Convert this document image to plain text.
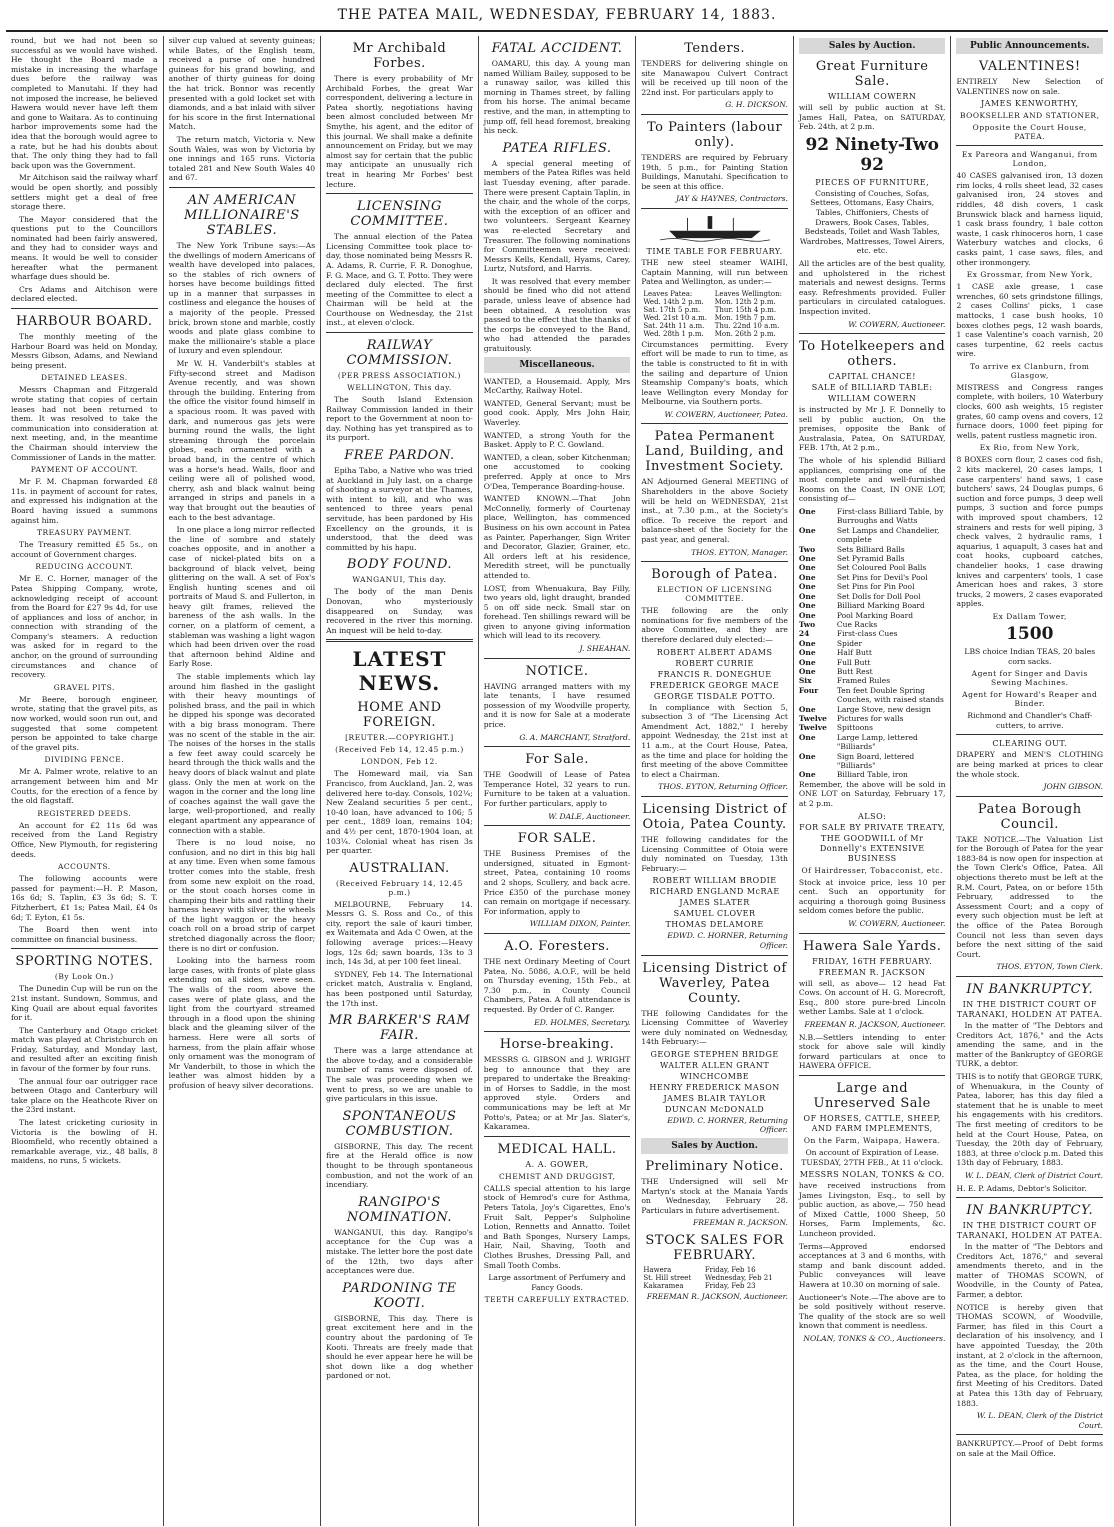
THE PATEA MAIL, WEDNESDAY, FEBRUARY 14, 1883.

round, but we had not been so successful as we would have wished. He thought the Board made a mistake in increasing the wharfage dues before the railway was completed to Manutahi. If they had not imposed the increase, he believed Hawera would never have left them and gone to Waitara. As to continuing harbor improvements some had the idea that the borough would agree to a rate, but he had his doubts about that. The only thing they had to fall back upon was the Government.

Mr Aitchison said the railway wharf would be open shortly, and possibly settlers might get a deal of free storage there.

The Mayor considered that the questions put to the Councillors nominated had been fairly answered, and they had to consider ways and means. It would be well to consider hereafter what the permanent wharfage dues should be.

Crs Adams and Aitchison were declared elected.

HARBOUR BOARD.

The monthly meeting of the Harbour Board was held on Monday, Messrs Gibson, Adams, and Newland being present.

DETAINED LEASES.

Messrs Chapman and Fitzgerald wrote stating that copies of certain leases had not been returned to them. It was resolved to take the communication into consideration at next meeting, and, in the meantime the Chairman should interview the Commissioner of Lands in the matter.

PAYMENT OF ACCOUNT.

Mr F. M. Chapman forwarded £8 11s. in payment of account for rates, and expressed his indignation at the Board having issued a summons against him.

TREASURY PAYMENT.

The Treasury remitted £5 5s., on account of Government charges.

REDUCING ACCOUNT.

Mr E. C. Horner, manager of the Patea Shipping Company, wrote, acknowledging receipt of account from the Board for £27 9s 4d, for use of appliances and loss of anchor, in connection with stranding of the Company's steamers. A reduction was asked for in regard to the anchor, on the ground of surrounding circumstances and chance of recovery.

GRAVEL PITS.

Mr Beere, borough engineer, wrote, stating that the gravel pits, as now worked, would soon run out, and suggested that some competent person be appointed to take charge of the gravel pits.

DIVIDING FENCE.

Mr A. Palmer wrote, relative to an arrangement between him and Mr Coutts, for the erection of a fence by the old flagstaff.

REGISTERED DEEDS.

An account for £2 11s 6d was received from the Land Registry Office, New Plymouth, for registering deeds.

ACCOUNTS.

The following accounts were passed for payment:—H. P. Mason, 16s 6d; S. Taplin, £3 3s 6d; S. T. Fitzherbert, £1 1s; Patea Mail, £4 0s 6d; T. Eyton, £1 5s.

The Board then went into committee on financial business.

SPORTING NOTES.
(By Look On.)

The Dunedin Cup will be run on the 21st instant. Sundown, Sommus, and King Quail are about equal favorites for it.

The Canterbury and Otago cricket match was played at Christchurch on Friday, Saturday, and Monday last, and resulted after an exciting finish in favour of the former by four runs.

The annual four oar outrigger race between Otago and Canterbury will take place on the Heathcote River on the 23rd instant.

The latest cricketing curiosity in Victoria is the bowling of H. Bloomfield, who recently obtained a remarkable average, viz., 48 balls, 8 maidens, no runs, 5 wickets.

silver cup valued at seventy guineas; while Bates, of the English team, received a purse of one hundred guineas for his grand bowling, and another of thirty guineas for doing the hat trick. Bonnor was recently presented with a gold locket set with diamonds, and a bat inlaid with silver for his score in the first International Match.

The return match, Victoria v. New South Wales, was won by Victoria by one innings and 165 runs. Victoria totaled 281 and New South Wales 40 and 67.

AN AMERICAN MILLIONAIRE'S STABLES.

The New York Tribune says:—As the dwellings of modern Americans of wealth have developed into palaces, so the stables of rich owners of horses have become buildings fitted up in a manner that surpasses in costliness and elegance the houses of a majority of the people. Pressed brick, brown stone and marble, costly woods and plate glass combine to make the millionaire's stable a place of luxury and even splendour.

Mr W. H. Vanderbilt's stables at Fifty-second street and Madison Avenue recently, and was shown through the building. Entering from the office the visitor found himself in a spacious room. It was paved with dark, and numerous gas jets were burning round the walls, the light streaming through the porcelain globes, each ornamented with a broad band, in the centre of which was a horse's head. Walls, floor and ceiling were all of polished wood, cherry, ash and black walnut being arranged in strips and panels in a way that brought out the beauties of each to the best advantage.

In one place a long mirror reflected the line of sombre and stately coaches opposite, and in another a case of nickel-plated bits on a background of black velvet, being glittering on the wall. A set of Fox's English hunting scenes and oil portraits of Maud S. and Fullerton, in heavy gilt frames, relieved the bareness of the ash walls. In the corner, on a platform of cement, a stableman was washing a light wagon which had been driven over the road that afternoon behind Aldine and Early Rose.

The stable implements which lay around him flashed in the gaslight with their heavy mountings of polished brass, and the pail in which he dipped his sponge was decorated with a big brass monogram. There was no scent of the stable in the air. The noises of the horses in the stalls a few feet away could scarcely be heard through the thick walls and the heavy doors of black walnut and plate glass. Only the men at work on the wagon in the corner and the long line of coaches against the wall gave the large, well-proportioned, and really elegant apartment any appearance of connection with a stable.

There is no loud noise, no confusion, and no dirt in this big hall at any time. Even when some famous trotter comes into the stable, fresh from some new exploit on the road, or the stout coach horses come in champing their bits and rattling their harness heavy with silver, the wheels of the light waggon or the heavy coach roll on a broad strip of carpet stretched diagonally across the floor; there is no dirt or confusion.

Looking into the harness room large cases, with fronts of plate glass extending on all sides, were seen. The walls of the room above the cases were of plate glass, and the light from the courtyard streamed through in a flood upon the shining black and the gleaming silver of the harness. Here were all sorts of harness, from the plain affair whose only ornament was the monogram of Mr Vanderbilt, to those in which the leather was almost hidden by a profusion of heavy silver decorations.

Mr Archibald Forbes.

There is every probability of Mr Archibald Forbes, the great War correspondent, delivering a lecture in Patea shortly, negotiations having been almost concluded between Mr Smythe, his agent, and the editor of this journal. We shall make a definite announcement on Friday, but we may almost say for certain that the public may anticipate an unusually rich treat in hearing Mr Forbes' best lecture.

LICENSING COMMITTEE.

The annual election of the Patea Licensing Committee took place to-day, those nominated being Messrs R. A. Adams, R. Currie, F. R. Donoghue, F. G. Mace, and G. T. Potto. They were declared duly elected. The first meeting of the Committee to elect a Chairman will be held at the Courthouse on Wednesday, the 21st inst., at eleven o'clock.

RAILWAY COMMISSION.
(PER PRESS ASSOCIATION.)
WELLINGTON, This day.

The South Island Extension Railway Commission landed in their report to the Government at noon to-day. Nothing has yet transpired as to its purport.

FREE PARDON.

Epiha Tabo, a Native who was tried at Auckland in July last, on a charge of shooting a surveyor at the Thames, with intent to kill, and who was sentenced to three years penal servitude, has been pardoned by His Excellency on the grounds, it is understood, that the deed was committed by his hapu.

BODY FOUND.
WANGANUI, This day.

The body of the man Denis Donovan, who mysteriously disappeared on Sunday, was recovered in the river this morning. An inquest will be held to-day.

LATEST NEWS.
HOME AND FOREIGN.
[REUTER.—COPYRIGHT.]
(Received Feb 14, 12.45 p.m.)
LONDON, Feb 12.

The Homeward mail, via San Francisco, from Auckland, Jan. 2, was delivered here to-day. Consols, 102¼; New Zealand securities 5 per cent., 10-40 loan, have advanced to 106; 5 per cent., 1889 loan, remains 104; and 4½ per cent, 1870-1904 loan, at 103¼. Colonial wheat has risen 3s per quarter.

AUSTRALIAN.
(Received February 14, 12.45 p.m.)

MELBOURNE, February 14. Messrs G. S. Ross and Co., of this city, report the sale of kauri timber, ex Waitemata and Ada C Owen, at the following average prices:—Heavy logs, 12s 6d; sawn boards, 13s to 3 inch, 14s 3d, at per 100 feet lineal.

SYDNEY, Feb 14. The International cricket match, Australia v. England, has been postponed until Saturday, the 17th inst.

MR BARKER'S RAM FAIR.

There was a large attendance at the above to-day, and a considerable number of rams were disposed of. The sale was proceeding when we went to press, so we are unable to give particulars in this issue.

SPONTANEOUS COMBUSTION.

GISBORNE, This day. The recent fire at the Herald office is now thought to be through spontaneous combustion, and not the work of an incendiary.

RANGIPO'S NOMINATION.

WANGANUI, this day. Rangipo's acceptance for the Cup was a mistake. The letter bore the post date of the 12th, two days after acceptances were due.

PARDONING TE KOOTI.

GISBORNE, This day. There is great excitement here and in the country about the pardoning of Te Kooti. Threats are freely made that should he ever appear here he will be shot down like a dog whether pardoned or not.

FATAL ACCIDENT.

OAMARU, this day. A young man named William Bailey, supposed to be a runaway sailor, was killed this morning in Thames street, by falling from his horse. The animal became restive, and the man, in attempting to jump off, fell head foremost, breaking his neck.

PATEA RIFLES.

A special general meeting of members of the Patea Rifles was held last Tuesday evening, after parade. There were present Captain Taplin, in the chair, and the whole of the corps, with the exception of an officer and two volunteers. Sergeant Kearney was re-elected Secretary and Treasurer. The following nominations for Committeemen were received: Messrs Kells, Kendall, Hyams, Carey, Lurtz, Nutsford, and Harris.

It was resolved that every member should be fined who did not attend parade, unless leave of absence had been obtained. A resolution was passed to the effect that the thanks of the corps be conveyed to the Band, who had attended the parades gratuitously.

Miscellaneous.

WANTED, a Housemaid. Apply, Mrs McCarthy, Railway Hotel.

WANTED, General Servant; must be good cook. Apply, Mrs John Hair, Waverley.

WANTED, a strong Youth for the Basket. Apply to P. C. Gowland.

WANTED, a clean, sober Kitchenman; one accustomed to cooking preferred. Apply at once to Mrs O'Dea, Temperance Boarding-house.

WANTED KNOWN.—That John McConnelly, formerly of Courtenay place, Wellington, has commenced Business on his own account in Patea as Painter, Paperhanger, Sign Writer and Decorator, Glazier, Grainer, etc. All orders left at his residence, Meredith street, will be punctually attended to.

LOST, from Whenuakura, Bay Filly, two years old, light draught, branded 5 on off side neck. Small star on forehead. Ten shillings reward will be given to anyone giving information which will lead to its recovery.

J. SHEAHAN.

NOTICE.

HAVING arranged matters with my late tenants, I have resumed possession of my Woodville property, and it is now for Sale at a moderate price.

G. A. MARCHANT, Stratford.

For Sale.

THE Goodwill of Lease of Patea Temperance Hotel, 32 years to run. Furniture to be taken at a valuation. For further particulars, apply to

W. DALE, Auctioneer.

FOR SALE.

THE Business Premises of the undersigned, situated in Egmont-street, Patea, containing 10 rooms and 2 shops, Scullery, and back acre. Price £350 of the purchase money can remain on mortgage if necessary. For information, apply to

WILLIAM DIXON, Painter.

A.O. Foresters.

THE next Ordinary Meeting of Court Patea, No. 5086, A.O.F., will be held on Thursday evening, 15th Feb., at 7.30 p.m., in County Council Chambers, Patea. A full attendance is requested. By Order of C. Ranger.

ED. HOLMES, Secretary.

Horse-breaking.

MESSRS G. GIBSON and J. WRIGHT beg to announce that they are prepared to undertake the Breaking-in of Horses to Saddle, in the most approved style. Orders and communications may be left at Mr Potto's, Patea; or at Mr Jas. Slater's, Kakaramea.

MEDICAL HALL.
A. A. GOWER,
CHEMIST AND DRUGGIST,

CALLS special attention to his large stock of Hemrod's cure for Asthma, Peters Tatola, Joy's Cigarettes, Eno's Fruit Salt, Pepper's Sulpholine Lotion, Rennetts and Annatto. Toilet and Bath Sponges, Nursery Lamps, Hair, Nail, Shaving, Tooth and Clothes Brushes, Dressing Pall, and Small Tooth Combs.

Large assortment of Perfumery and Fancy Goods.

TEETH CAREFULLY EXTRACTED.
Tenders.

TENDERS for delivering shingle on site Manawapou Culvert Contract will be received up till noon of the 22nd inst. For particulars apply to

G. H. DICKSON.

To Painters (labour only).

TENDERS are required by February 19th, 5 p.m., for Painting Station Buildings, Manutahi. Specification to be seen at this office.

JAY & HAYNES, Contractors.

TIME TABLE FOR FEBRUARY.

THE new steel steamer WAIHI, Captain Manning, will run between Patea and Wellington, as under:—

Leaves Patea:	Leaves Wellington:
Wed. 14th 2 p.m.	Mon. 12th 2 p.m.
Sat. 17th 5 p.m.	Thur. 15th 4 p.m.
Wed. 21st 10 a.m.	Mon. 19th 7 p.m.
Sat. 24th 11 a.m.	Thu. 22nd 10 a.m.
Wed. 28th 1 p.m.	Mon. 26th 2 p.m.

Circumstances permitting. Every effort will be made to run to time, as the table is constructed to fit in with the sailing and departure of Union Steamship Company's boats, which leave Wellington every Monday for Melbourne, via Southern ports.

W. COWERN, Auctioneer, Patea.

Patea Permanent Land, Building, and Investment Society.

AN Adjourned General MEETING of Shareholders in the above Society will be held on WEDNESDAY, 21st inst., at 7.30 p.m., at the Society's office. To receive the report and balance-sheet of the Society for the past year, and general.

THOS. EYTON, Manager.

Borough of Patea.
ELECTION OF LICENSING COMMITTEE.

THE following are the only nominations for five members of the above Committee, and they are therefore declared duly elected:—

ROBERT ALBERT ADAMS
ROBERT CURRIE
FRANCIS R. DONEGHUE
FREDERICK GEORGE MACE
GEORGE TISDALE POTTO.

In compliance with Section 5, subsection 3 of "The Licensing Act Amendment Act, 1882," I hereby appoint Wednesday, the 21st inst at 11 a.m., at the Court House, Patea, as the time and place for holding the first meeting of the above Committee to elect a Chairman.

THOS. EYTON, Returning Officer.

Licensing District of Otoia, Patea County.

THE following candidates for the Licensing Committee of Otoia were duly nominated on Tuesday, 13th February:—

ROBERT WILLIAM BRODIE
RICHARD ENGLAND McRAE
JAMES SLATER
SAMUEL CLOVER
THOMAS DELAMORE

EDWD. C. HORNER, Returning Officer.

Licensing District of Waverley, Patea County.

THE following Candidates for the Licensing Committee of Waverley were duly nominated on Wednesday, 14th February:—

GEORGE STEPHEN BRIDGE
WALTER ALLEN GRANT
WINCHCOMBE
HENRY FREDERICK MASON
JAMES BLAIR TAYLOR
DUNCAN McDONALD

EDWD. C. HORNER, Returning Officer.

Sales by Auction.
Preliminary Notice.

THE Undersigned will sell Mr Martyn's stock at the Manaia Yards on Wednesday, February 28. Particulars in future advertisement.

FREEMAN R. JACKSON.

STOCK SALES FOR FEBRUARY.
Hawera	Friday, Feb 16
St. Hill street	Wednesday, Feb 21
Kakaramea	Friday, Feb 23

FREEMAN R. JACKSON, Auctioneer.

Sales by Auction.
Great Furniture Sale.
WILLIAM COWERN

will sell by public auction at St. James Hall, Patea, on SATURDAY, Feb. 24th, at 2 p.m.

92 Ninety-Two 92
PIECES OF FURNITURE,

Consisting of Couches, Sofas, Settees, Ottomans, Easy Chairs, Tables, Chiffoniers, Chests of Drawers, Book Cases, Tables, Bedsteads, Toilet and Wash Tables, Wardrobes, Mattresses, Towel Airers, etc. etc.

All the articles are of the best quality, and upholstered in the richest materials and newest designs. Terms easy. Refreshments provided. Fuller particulars in circulated catalogues. Inspection invited.

W. COWERN, Auctioneer.

To Hotelkeepers and others.
CAPITAL CHANCE!
SALE of BILLIARD TABLE:
WILLIAM COWERN

is instructed by Mr J. F. Donnelly to sell by public auction, On the premises, opposite the Bank of Australasia, Patea, On SATURDAY, FEB. 17th, At 2 p.m.,

The whole of his splendid Billiard appliances, comprising one of the most complete and well-furnished Rooms on the Coast, IN ONE LOT, consisting of—

One	First-class Billiard Table, by Burroughs and Watts
One	Set Lamps and Chandelier, complete
Two	Sets Billiard Balls
One	Set Pyramid Balls
One	Set Coloured Pool Balls
One	Set Pins for Devil's Pool
One	Set Pins for Pin Pool
One	Set Dolls for Doll Pool
One	Billiard Marking Board
One	Pool Marking Board
Two	Cue Racks
24	First-class Cues
One	Spider
One	Half Butt
One	Full Butt
One	Butt Rest
Six	Framed Rules
Four	Ten feet Double Spring Couches, with raised stands
One	Large Stove, new design
Twelve	Pictures for walls
Twelve	Spittoons
One	Large Lamp, lettered "Billiards"
One	Sign Board, lettered "Billiards"
One	Billiard Table, iron

Remember, the above will be sold in ONE LOT on Saturday, February 17, at 2 p.m.

ALSO:
FOR SALE BY PRIVATE TREATY,
THE GOODWILL of Mr Donnelly's EXTENSIVE BUSINESS
Of Hairdresser, Tobacconist, etc.

Stock at invoice price, less 10 per cent. Such an opportunity for acquiring a thorough going Business seldom comes before the public.

W. COWERN, Auctioneer.

Hawera Sale Yards.
FRIDAY, 16TH FEBRUARY.
FREEMAN R. JACKSON

will sell, as above— 12 head Fat Cows. On account of H. G. Morecroft, Esq., 800 store pure-bred Lincoln wether Lambs. Sale at 1 o'clock.

FREEMAN R. JACKSON, Auctioneer.

N.B.—Settlers intending to enter stock for above sale will kindly forward particulars at once to HAWERA OFFICE.

Large and Unreserved Sale
OF HORSES, CATTLE, SHEEP, AND FARM IMPLEMENTS,
On the Farm, Waipapa, Hawera.

On account of Expiration of Lease. TUESDAY, 27TH FEB., At 11 o'clock.

MESSRS NOLAN, TONKS & CO.

have received instructions from James Livingston, Esq., to sell by public auction, as above,— 750 head of Mixed Cattle, 1000 Sheep, 50 Horses, Farm Implements, &c. Luncheon provided.

Terms—Approved endorsed acceptances at 3 and 6 months, with stamp and bank discount added. Public conveyances will leave Hawera at 10.30 on morning of sale.

Auctioneer's Note.—The above are to be sold positively without reserve. The quality of the stock are so well known that comment is needless.

NOLAN, TONKS & CO., Auctioneers.

Public Announcements.
VALENTINES!

ENTIRELY New Selection of VALENTINES now on sale.

JAMES KENWORTHY,
BOOKSELLER AND STATIONER,
Opposite the Court House, PATEA.
Ex Pareora and Wanganui, from London,

40 CASES galvanised iron, 13 dozen rim locks, 4 rolls sheet lead, 32 cases galvanised iron, 24 stoves and riddles, 48 dish covers, 1 cask Brunswick black and harness liquid, 1 cask brass foundry, 1 bale cotton waste, 1 cask rhinoceros horn, 1 case Waterbury watches and clocks, 6 casks paint, 1 case saws, files, and other ironmongery.

Ex Grossmar, from New York,

1 CASE axle grease, 1 case wrenches, 60 sets grindstone fillings, 2 cases Collins' picks, 1 case mattocks, 1 case bush hooks, 10 boxes clothes pegs, 12 wash boards, 1 case Valentine's coach varnish, 20 cases turpentine, 62 reels cactus wire.

To arrive ex Clanburn, from Glasgow,

MISTRESS and Congress ranges complete, with boilers, 10 Waterbury clocks, 600 ash weights, 15 register grates, 60 camp ovens and covers, 12 furnace doors, 1000 feet piping for wells, patent rustless magnetic iron.

Ex Rio, from New York,

8 BOXES corn flour, 2 cases cod fish, 2 kits mackerel, 20 cases lamps, 1 case carpenters' hand saws, 1 case butchers' saws, 24 Douglas pumps, 6 suction and force pumps, 3 deep well pumps, 3 suction and force pumps with improved spout chambers, 12 strainers and rests for well piping, 3 check valves, 2 hydraulic rams, 1 aquarius, 1 aquapult, 3 cases hat and coat hooks, cupboard catches, chandelier hooks, 1 case drawing knives and carpenters' tools, 1 case American hoes and rakes, 3 store trucks, 2 mowers, 2 cases evaporated apples.

Ex Dallam Tower,
1500

LBS choice Indian TEAS, 20 bales corn sacks.

Agent for Singer and Davis Sewing Machines.
Agent for Howard's Reaper and Binder.

Richmond and Chandler's Chaff-cutters, to arrive.

CLEARING OUT.

DRAPERY and MEN'S CLOTHING are being marked at prices to clear the whole stock.

JOHN GIBSON.

Patea Borough Council.

TAKE NOTICE.—The Valuation List for the Borough of Patea for the year 1883-84 is now open for inspection at the Town Clerk's Office, Patea. All objections thereto must be left at the R.M. Court, Patea, on or before 15th February, addressed to the Assessment Court; and a copy of every such objection must be left at the office of the Patea Borough Council not less than seven days before the next sitting of the said Court.

THOS. EYTON, Town Clerk.

IN BANKRUPTCY.
IN THE DISTRICT COURT OF TARANAKI, HOLDEN AT PATEA.

In the matter of "The Debtors and Creditors Act, 1876," and the Acts amending the same, and in the matter of the Bankruptcy of GEORGE TURK, a debtor.

THIS is to notify that GEORGE TURK, of Whenuakura, in the County of Patea, laborer, has this day filed a statement that he is unable to meet his engagements with his creditors. The first meeting of creditors to be held at the Court House, Patea, on Tuesday, the 20th day of February, 1883, at three o'clock p.m. Dated this 13th day of February, 1883.

W. L. DEAN, Clerk of District Court.

H. E. P. Adams, Debtor's Solicitor.

IN BANKRUPTCY.
IN THE DISTRICT COURT OF TARANAKI, HOLDEN AT PATEA.

In the matter of "The Debtors and Creditors Act, 1876," and several amendments thereto, and in the matter of THOMAS SCOWN, of Woodville, in the County of Patea, Farmer, a debtor.

NOTICE is hereby given that THOMAS SCOWN, of Woodville, Farmer, has filed in this Court a declaration of his insolvency, and I have appointed Tuesday, the 20th instant, at 2 o'clock in the afternoon, as the time, and the Court House, Patea, as the place, for holding the first Meeting of his Creditors. Dated at Patea this 13th day of February, 1883.

W. L. DEAN, Clerk of the District Court.

BANKRUPTCY.—Proof of Debt forms on sale at the Mail Office.
